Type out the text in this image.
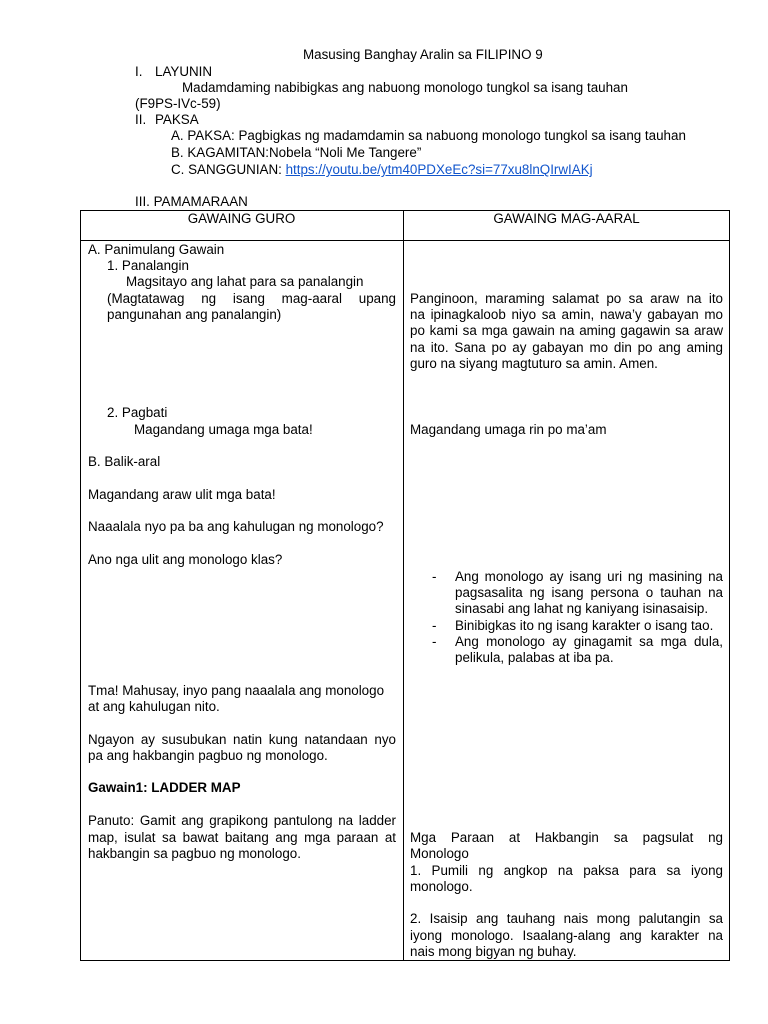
Masusing Banghay Aralin sa FILIPINO 9
I. LAYUNIN
Madamdaming nabibigkas ang nabuong monologo tungkol sa isang tauhan
(F9PS-IVc-59)
II. PAKSA
A. PAKSA: Pagbigkas ng madamdamin sa nabuong monologo tungkol sa isang tauhan
B. KAGAMITAN:Nobela “Noli Me Tangere”
C. SANGGUNIAN: https://youtu.be/ytm40PDXeEc?si=77xu8lnQIrwIAKj
III. PAMAMARAAN
GAWAING GURO	GAWAING MAG-AARAL
A. Panimulang Gawain
1. Panalangin
Magsitayo ang lahat para sa panalangin
(Magtatawag ng isang mag-aaral upang
pangunahan ang panalangin)
2. Pagbati
Magandang umaga mga bata!
B. Balik-aral
Magandang araw ulit mga bata!
Naaalala nyo pa ba ang kahulugan ng monologo?
Ano nga ulit ang monologo klas?
Tma! Mahusay, inyo pang naaalala ang monologo
at ang kahulugan nito.
Ngayon ay susubukan natin kung natandaan nyo
pa ang hakbangin pagbuo ng monologo.
Gawain1: LADDER MAP
Panuto: Gamit ang grapikong pantulong na ladder
map, isulat sa bawat baitang ang mga paraan at
hakbangin sa pagbuo ng monologo.
Panginoon, maraming salamat po sa araw na ito
na ipinagkaloob niyo sa amin, nawa’y gabayan mo
po kami sa mga gawain na aming gagawin sa araw
na ito. Sana po ay gabayan mo din po ang aming
guro na siyang magtuturo sa amin. Amen.
Magandang umaga rin po ma’am
- Ang monologo ay isang uri ng masining na
pagsasalita ng isang persona o tauhan na
sinasabi ang lahat ng kaniyang isinasaisip.
- Binibigkas ito ng isang karakter o isang tao.
- Ang monologo ay ginagamit sa mga dula,
pelikula, palabas at iba pa.
Mga Paraan at Hakbangin sa pagsulat ng
Monologo
1. Pumili ng angkop na paksa para sa iyong
monologo.
2. Isaisip ang tauhang nais mong palutangin sa
iyong monologo. Isaalang-alang ang karakter na
nais mong bigyan ng buhay.
